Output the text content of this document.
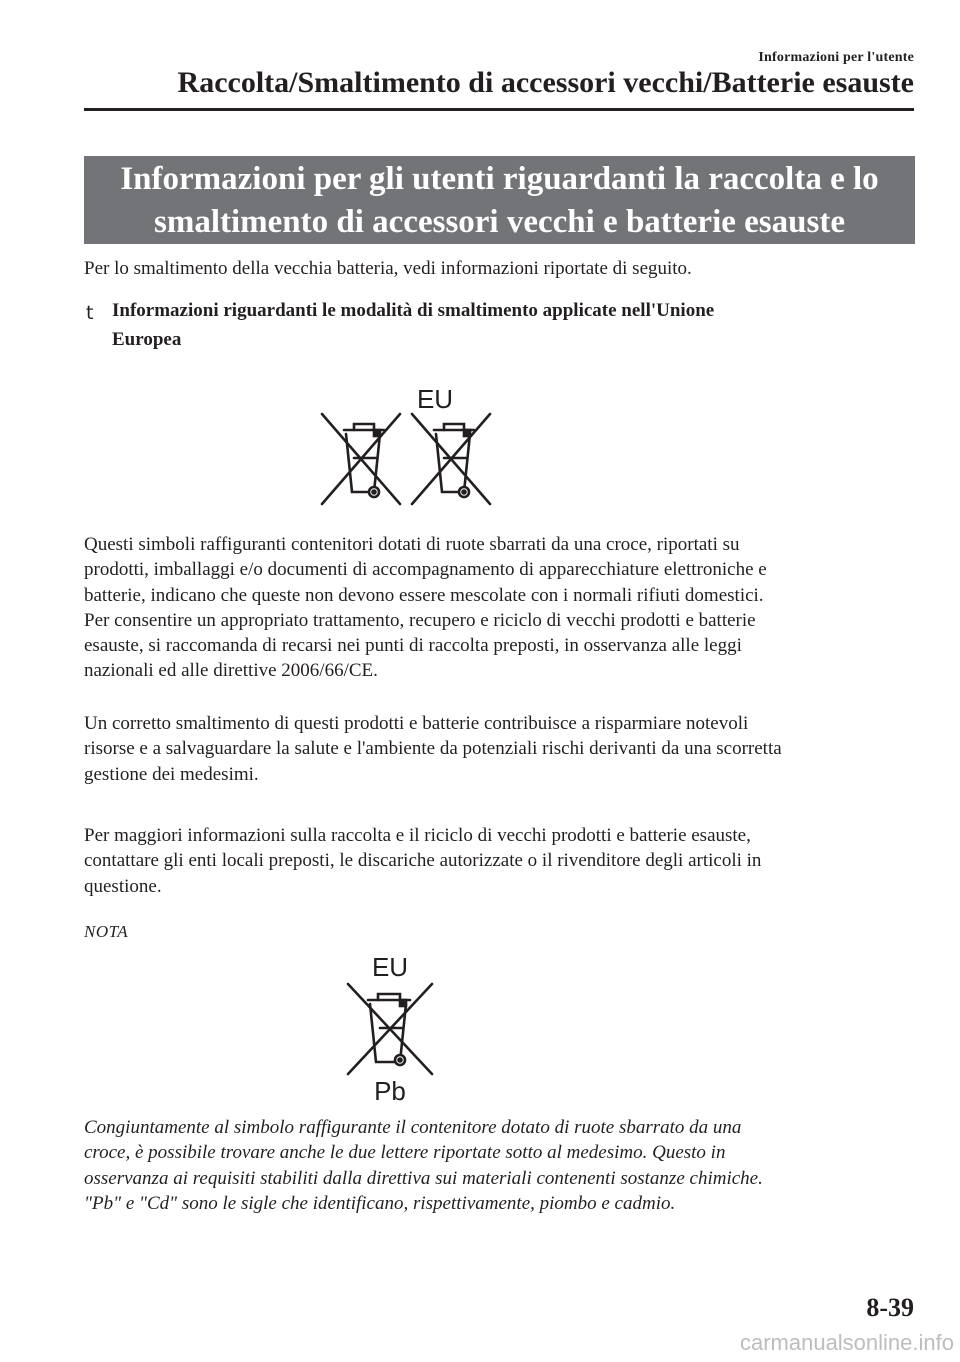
Informazioni per l'utente
Raccolta/Smaltimento di accessori vecchi/Batterie esauste
Informazioni per gli utenti riguardanti la raccolta e lo
smaltimento di accessori vecchi e batterie esauste
Per lo smaltimento della vecchia batteria, vedi informazioni riportate di seguito.
t Informazioni riguardanti le modalità di smaltimento applicate nell'Unione
Europea
EU
Questi simboli raffiguranti contenitori dotati di ruote sbarrati da una croce, riportati su
prodotti, imballaggi e/o documenti di accompagnamento di apparecchiature elettroniche e
batterie, indicano che queste non devono essere mescolate con i normali rifiuti domestici.
Per consentire un appropriato trattamento, recupero e riciclo di vecchi prodotti e batterie
esauste, si raccomanda di recarsi nei punti di raccolta preposti, in osservanza alle leggi
nazionali ed alle direttive 2006/66/CE.
Un corretto smaltimento di questi prodotti e batterie contribuisce a risparmiare notevoli
risorse e a salvaguardare la salute e l'ambiente da potenziali rischi derivanti da una scorretta
gestione dei medesimi.
Per maggiori informazioni sulla raccolta e il riciclo di vecchi prodotti e batterie esauste,
contattare gli enti locali preposti, le discariche autorizzate o il rivenditore degli articoli in
questione.
NOTA
EU
Pb
Congiuntamente al simbolo raffigurante il contenitore dotato di ruote sbarrato da una
croce, è possibile trovare anche le due lettere riportate sotto al medesimo. Questo in
osservanza ai requisiti stabiliti dalla direttiva sui materiali contenenti sostanze chimiche.
"Pb" e "Cd" sono le sigle che identificano, rispettivamente, piombo e cadmio.
8-39
carmanualsonline.info
